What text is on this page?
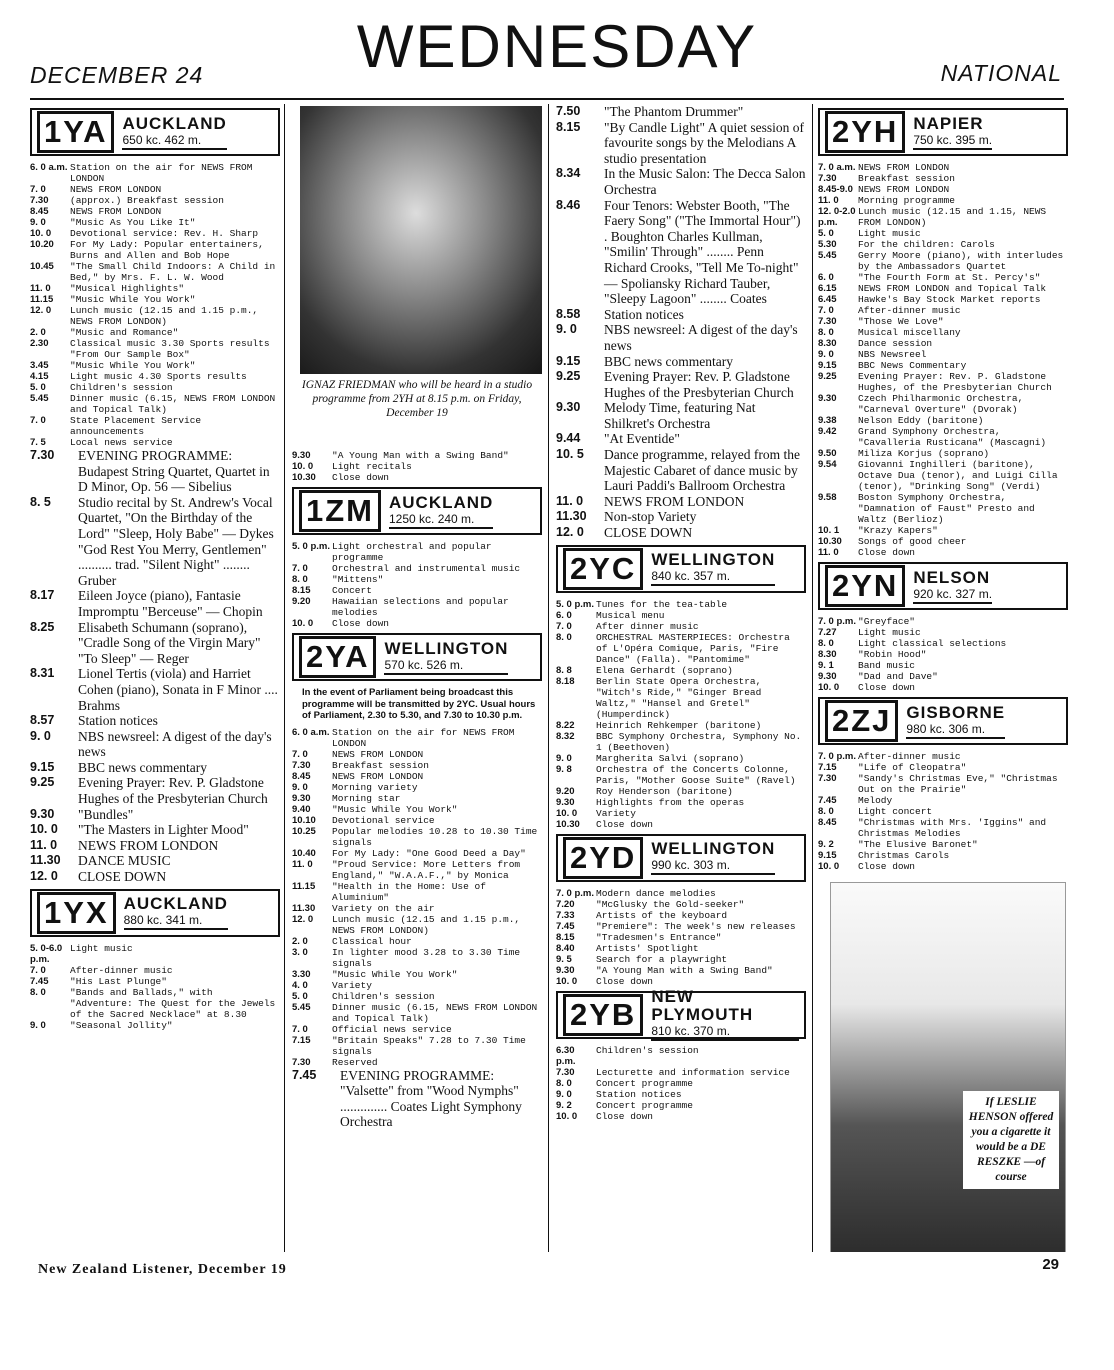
WEDNESDAY
DECEMBER 24	NATIONAL
1YA AUCKLAND
650 kc. 462 m.
6. 0 a.m. Station on the air for NEWS FROM LONDON
7. 0	NEWS FROM LONDON
7.30	(approx.) Breakfast session
8.45	NEWS FROM LONDON
9. 0	"Music As You Like It"
10. 0	Devotional service: Rev. H. Sharp
10.20	For My Lady: Popular entertainers, Burns and Allen and Bob Hope
10.45	"The Small Child Indoors: A Child in Bed," by Mrs. F. L. W. Wood
11. 0	"Musical Highlights"
11.15	"Music While You Work"
12. 0	Lunch music (12.15 and 1.15 p.m., NEWS FROM LONDON)
2. 0	"Music and Romance"
2.30	Classical music 3.30 Sports results "From Our Sample Box"
3.45	"Music While You Work"
4.15	Light music 4.30 Sports results
5. 0	Children's session
5.45	Dinner music (6.15, NEWS FROM LONDON and Topical Talk)
7. 0	State Placement Service announcements
7. 5	Local news service
7.30	EVENING PROGRAMME: Budapest String Quartet, Quartet in D Minor, Op. 56 — Sibelius
8. 5	Studio recital by St. Andrew's Vocal Quartet, "On the Birthday of the Lord" "Sleep, Holy Babe" — Dykes "God Rest You Merry, Gentlemen" .......... trad. "Silent Night" ........ Gruber
8.17	Eileen Joyce (piano), Fantasie Impromptu "Berceuse" — Chopin
8.25	Elisabeth Schumann (soprano), "Cradle Song of the Virgin Mary" "To Sleep" — Reger
8.31	Lionel Tertis (viola) and Harriet Cohen (piano), Sonata in F Minor .... Brahms
8.57	Station notices
9. 0	NBS newsreel: A digest of the day's news
9.15	BBC news commentary
9.25	Evening Prayer: Rev. P. Gladstone Hughes of the Presbyterian Church
9.30	"Bundles"
10. 0	"The Masters in Lighter Mood"
11. 0	NEWS FROM LONDON
11.30	DANCE MUSIC
12. 0	CLOSE DOWN
1YX AUCKLAND
880 kc. 341 m.
5. 0-6.0 p.m.
Light music
7. 0	After-dinner music
7.45	"His Last Plunge"
8. 0	"Bands and Ballads," with "Adventure: The Quest for the Jewels of the Sacred Necklace" at 8.30
9. 0	"Seasonal Jollity"
IGNAZ FRIEDMAN who will be heard in a studio programme from 2YH at 8.15 p.m. on Friday, December 19
9.30	"A Young Man with a Swing Band"
10. 0	Light recitals
10.30	Close down
1ZM AUCKLAND
1250 kc. 240 m.
5. 0 p.m. Light orchestral and popular programme
7. 0	Orchestral and instrumental music
8. 0	"Mittens"
8.15	Concert
9.20	Hawaiian selections and popular melodies
10. 0	Close down
2YA WELLINGTON
570 kc. 526 m.
In the event of Parliament being broadcast this programme will be transmitted by 2YC. Usual hours of Parliament, 2.30 to 5.30, and 7.30 to 10.30 p.m.
6. 0 a.m. Station on the air for NEWS FROM LONDON
7. 0	NEWS FROM LONDON
7.30	Breakfast session
8.45	NEWS FROM LONDON
9. 0	Morning variety
9.30	Morning star
9.40	"Music While You Work"
10.10	Devotional service
10.25	Popular melodies 10.28 to 10.30 Time signals
10.40	For My Lady: "One Good Deed a Day"
11. 0	"Proud Service: More Letters from England," "W.A.A.F.," by Monica
11.15	"Health in the Home: Use of Aluminium"
11.30	Variety on the air
12. 0	Lunch music (12.15 and 1.15 p.m., NEWS FROM LONDON)
2. 0	Classical hour
3. 0	In lighter mood 3.28 to 3.30 Time signals
3.30	"Music While You Work"
4. 0	Variety
5. 0	Children's session
5.45	Dinner music (6.15, NEWS FROM LONDON and Topical Talk)
7. 0	Official news service
7.15	"Britain Speaks" 7.28 to 7.30 Time signals
7.30	Reserved
7.45	EVENING PROGRAMME: "Valsette" from "Wood Nymphs" .............. Coates Light Symphony Orchestra
7.50	"The Phantom Drummer"
8.15	"By Candle Light" A quiet session of favourite songs by the Melodians A studio presentation
8.34	In the Music Salon: The Decca Salon Orchestra
8.46	Four Tenors: Webster Booth, "The Faery Song" ("The Immortal Hour") . Boughton Charles Kullman, "Smilin' Through" ........ Penn Richard Crooks, "Tell Me To-night" — Spoliansky Richard Tauber, "Sleepy Lagoon" ........ Coates
8.58	Station notices
9. 0	NBS newsreel: A digest of the day's news
9.15	BBC news commentary
9.25	Evening Prayer: Rev. P. Gladstone Hughes of the Presbyterian Church
9.30	Melody Time, featuring Nat Shilkret's Orchestra
9.44	"At Eventide"
10. 5	Dance programme, relayed from the Majestic Cabaret of dance music by Lauri Paddi's Ballroom Orchestra
11. 0	NEWS FROM LONDON
11.30	Non-stop Variety
12. 0	CLOSE DOWN
2YC WELLINGTON
840 kc. 357 m.
5. 0 p.m. Tunes for the tea-table
6. 0	Musical menu
7. 0	After dinner music
8. 0	ORCHESTRAL MASTERPIECES: Orchestra of L'Opéra Comique, Paris, "Fire Dance" (Falla). "Pantomime"
8. 8	Elena Gerhardt (soprano)
8.18	Berlin State Opera Orchestra, "Witch's Ride," "Ginger Bread Waltz," "Hansel and Gretel" (Humperdinck)
8.22	Heinrich Rehkemper (baritone)
8.32	BBC Symphony Orchestra, Symphony No. 1 (Beethoven)
9. 0	Margherita Salvi (soprano)
9. 8	Orchestra of the Concerts Colonne, Paris, "Mother Goose Suite" (Ravel)
9.20	Roy Henderson (baritone)
9.30	Highlights from the operas
10. 0	Variety
10.30	Close down
2YD WELLINGTON
990 kc. 303 m.
7. 0 p.m. Modern dance melodies
7.20	"McGlusky the Gold-seeker"
7.33	Artists of the keyboard
7.45	"Premiere": The week's new releases
8.15	"Tradesmen's Entrance"
8.40	Artists' Spotlight
9. 5	Search for a playwright
9.30	"A Young Man with a Swing Band"
10. 0	Close down
2YB NEW PLYMOUTH
810 kc. 370 m.
6.30 p.m.
Children's session
7.30	Lecturette and information service
8. 0	Concert programme
9. 0	Station notices
9. 2	Concert programme
10. 0	Close down
2YH NAPIER
750 kc. 395 m.
7. 0 a.m. NEWS FROM LONDON
7.30	Breakfast session
8.45-9.0 NEWS FROM LONDON
11. 0	Morning programme
12. 0-2.0 p.m.
Lunch music (12.15 and 1.15, NEWS FROM LONDON)
5. 0	Light music
5.30	For the children: Carols
5.45	Gerry Moore (piano), with interludes by the Ambassadors Quartet
6. 0	"The Fourth Form at St. Percy's"
6.15	NEWS FROM LONDON and Topical Talk
6.45	Hawke's Bay Stock Market reports
7. 0	After-dinner music
7.30	"Those We Love"
8. 0	Musical miscellany
8.30	Dance session
9. 0	NBS Newsreel
9.15	BBC News Commentary
9.25	Evening Prayer: Rev. P. Gladstone Hughes, of the Presbyterian Church
9.30	Czech Philharmonic Orchestra, "Carneval Overture" (Dvorak)
9.38	Nelson Eddy (baritone)
9.42	Grand Symphony Orchestra, "Cavalleria Rusticana" (Mascagni)
9.50	Miliza Korjus (soprano)
9.54	Giovanni Inghilleri (baritone), Octave Dua (tenor), and Luigi Cilla (tenor), "Drinking Song" (Verdi)
9.58	Boston Symphony Orchestra, "Damnation of Faust" Presto and Waltz (Berlioz)
10. 1	"Krazy Kapers"
10.30	Songs of good cheer
11. 0	Close down
2YN NELSON
920 kc. 327 m.
7. 0 p.m. "Greyface"
7.27	Light music
8. 0	Light classical selections
8.30	"Robin Hood"
9. 1	Band music
9.30	"Dad and Dave"
10. 0	Close down
2ZJ GISBORNE
980 kc. 306 m.
7. 0 p.m. After-dinner music
7.15	"Life of Cleopatra"
7.30	"Sandy's Christmas Eve," "Christmas Out on the Prairie"
7.45	Melody
8. 0	Light concert
8.45	"Christmas with Mrs. 'Iggins" and Christmas Melodies
9. 2	"The Elusive Baronet"
9.15	Christmas Carols
10. 0	Close down
If LESLIE HENSON offered you a cigarette it would be a DE RESZKE —of course
New Zealand Listener, December 19	29
